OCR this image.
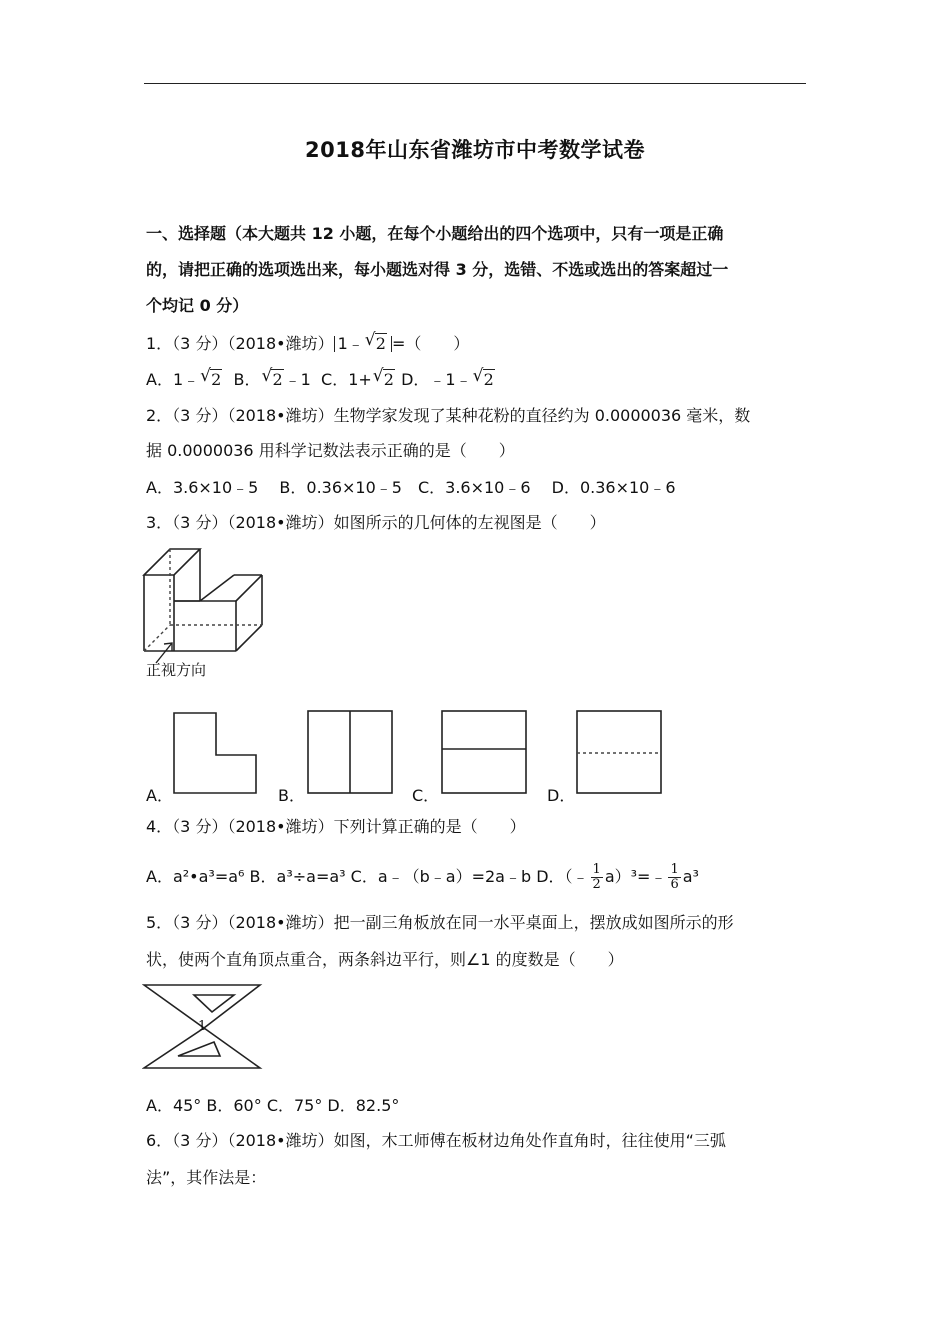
2018年山东省潍坊市中考数学试卷
一、选择题（本大题共 12 小题，在每个小题给出的四个选项中，只有一项是正确
的，请把正确的选项选出来，每小题选对得 3 分，选错、不选或选出的答案超过一
个均记 0 分）
1．（3 分）（2018•潍坊） 1﹣ √ 2 =（　　）
A．1﹣ √ 2 B． √ 2 ﹣1 C．1+ √ 2 D．﹣1﹣ √ 2
2．（3 分）（2018•潍坊）生物学家发现了某种花粉的直径约为 0.0000036 毫米，数
据 0.0000036 用科学记数法表示正确的是（　　）
A．3.6×10﹣5　 B．0.36×10﹣5　C．3.6×10﹣6　 D．0.36×10﹣6
3．（3 分）（2018•潍坊）如图所示的几何体的左视图是（　　）
正视方向
A．	B．	C．	D．
4．（3 分）（2018•潍坊）下列计算正确的是（　　）
A．a²•a³=a⁶ B．a³÷a=a³ C．a﹣（b﹣a）=2a﹣b D．（﹣ $\frac{1}{2}$ a）³=﹣ $\frac{1}{6} a^3$
5．（3 分）（2018•潍坊）把一副三角板放在同一水平桌面上，摆放成如图所示的形
状，使两个直角顶点重合，两条斜边平行，则∠1 的度数是（　　）
1
A．45° B．60° C．75° D．82.5°
6．（3 分）（2018•潍坊）如图，木工师傅在板材边角处作直角时，往往使用“三弧
法”，其作法是：
